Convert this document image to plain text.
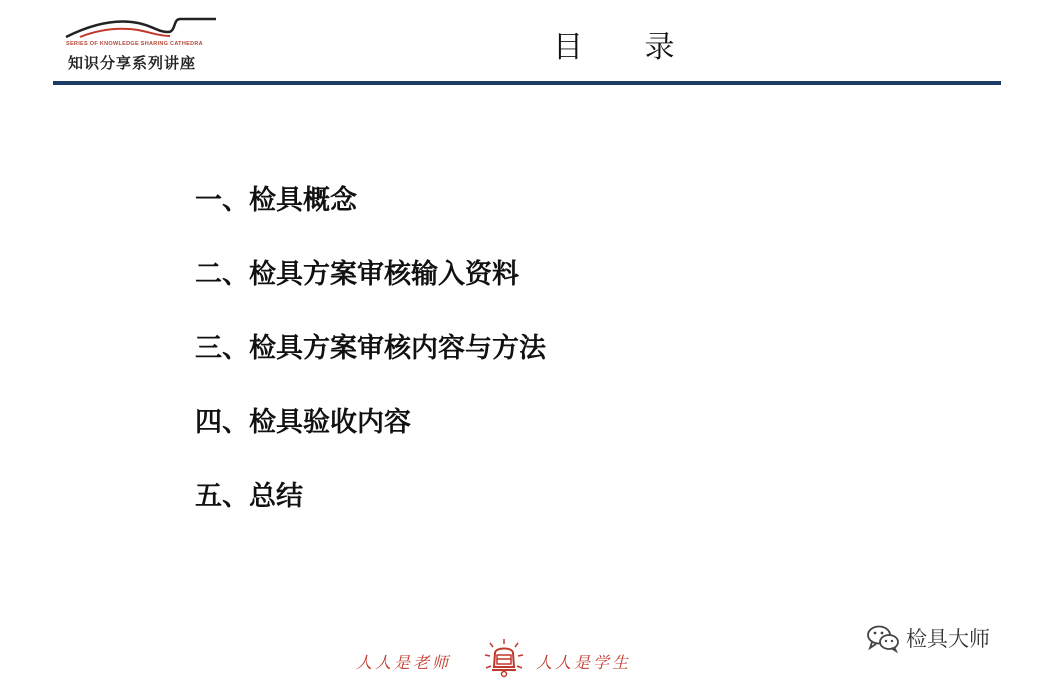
SERIES OF KNOWLEDGE SHARING CATHEDRA
知识分享系列讲座	目 录
一、检具概念
二、检具方案审核输入资料
三、检具方案审核内容与方法
四、检具验收内容
五、总结
人人是老师	人人是学生
检具大师
